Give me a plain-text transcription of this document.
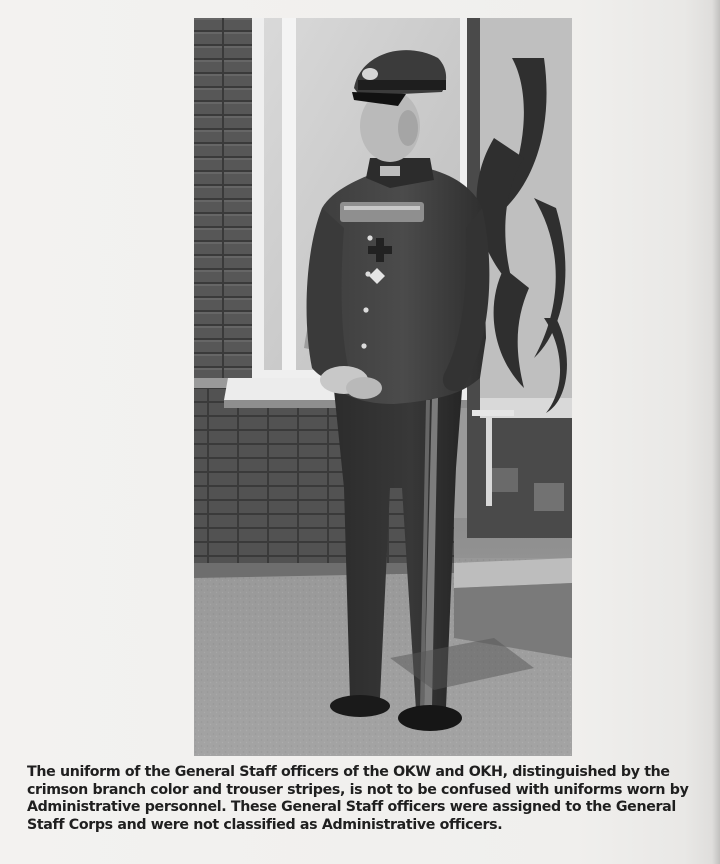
The uniform of the General Staff officers of the OKW and OKH, distinguished by the
crimson branch color and trouser stripes, is not to be confused with uniforms worn by
Administrative personnel. These General Staff officers were assigned to the General
Staff Corps and were not classified as Administrative officers.
